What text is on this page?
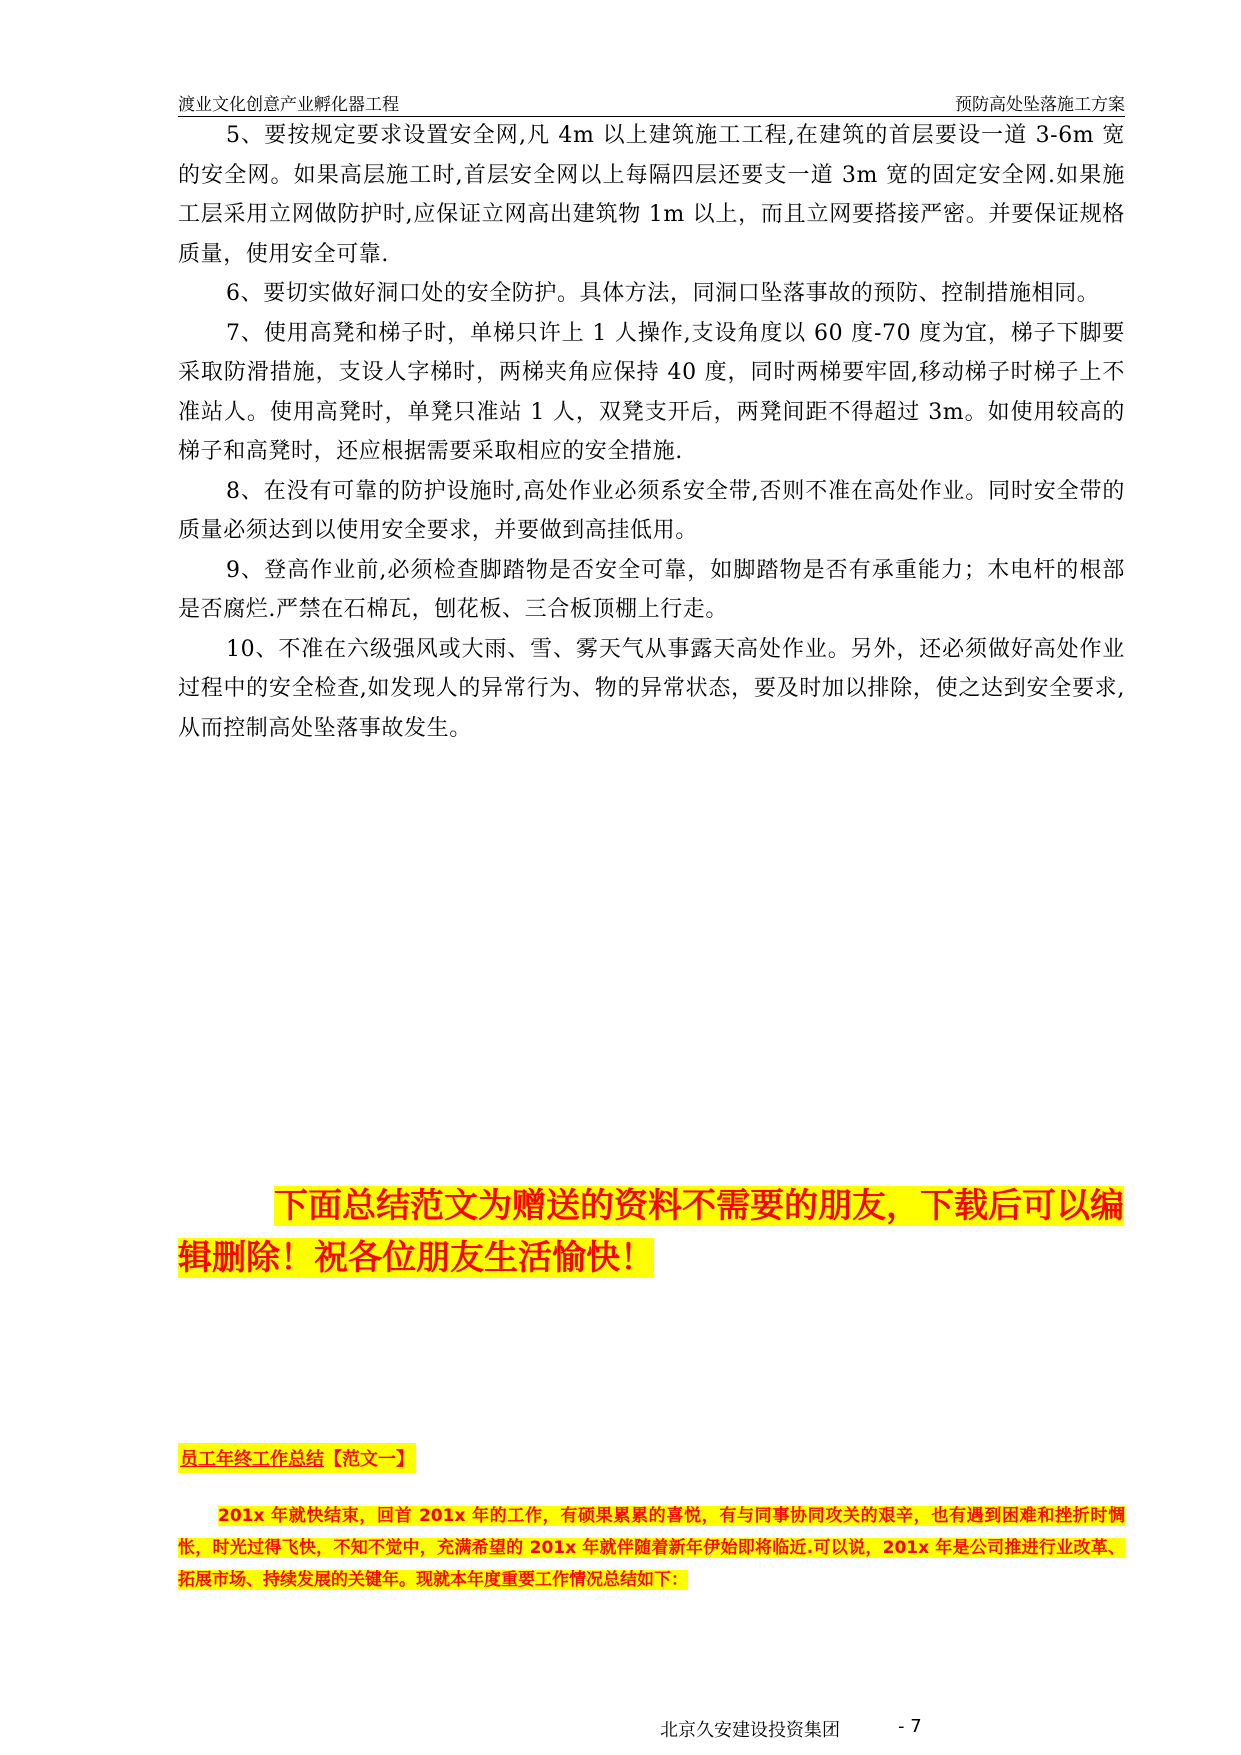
渡业文化创意产业孵化器工程	预防高处坠落施工方案

5、要按规定要求设置安全网,凡 4m 以上建筑施工工程,在建筑的首层要设一道 3-6m 宽的安全网。如果高层施工时,首层安全网以上每隔四层还要支一道 3m 宽的固定安全网.如果施工层采用立网做防护时,应保证立网高出建筑物 1m 以上，而且立网要搭接严密。并要保证规格质量，使用安全可靠.

6、要切实做好洞口处的安全防护。具体方法，同洞口坠落事故的预防、控制措施相同。

7、使用高凳和梯子时，单梯只许上 1 人操作,支设角度以 60 度-70 度为宜，梯子下脚要采取防滑措施，支设人字梯时，两梯夹角应保持 40 度，同时两梯要牢固,移动梯子时梯子上不准站人。使用高凳时，单凳只准站 1 人，双凳支开后，两凳间距不得超过 3m。如使用较高的梯子和高凳时，还应根据需要采取相应的安全措施.

8、在没有可靠的防护设施时,高处作业必须系安全带,否则不准在高处作业。同时安全带的质量必须达到以使用安全要求，并要做到高挂低用。

9、登高作业前,必须检查脚踏物是否安全可靠，如脚踏物是否有承重能力；木电杆的根部是否腐烂.严禁在石棉瓦，刨花板、三合板顶棚上行走。

10、不准在六级强风或大雨、雪、雾天气从事露天高处作业。另外，还必须做好高处作业过程中的安全检查,如发现人的异常行为、物的异常状态，要及时加以排除，使之达到安全要求,从而控制高处坠落事故发生。

下面总结范文为赠送的资料不需要的朋友，下载后可以编辑删除！祝各位朋友生活愉快！
员工年终工作总结【范文一】
201x 年就快结束，回首 201x 年的工作，有硕果累累的喜悦，有与同事协同攻关的艰辛，也有遇到困难和挫折时惆怅，时光过得飞快，不知不觉中，充满希望的 201x 年就伴随着新年伊始即将临近.可以说，201x 年是公司推进行业改革、拓展市场、持续发展的关键年。现就本年度重要工作情况总结如下：
北京久安建设投资集团	- 7
